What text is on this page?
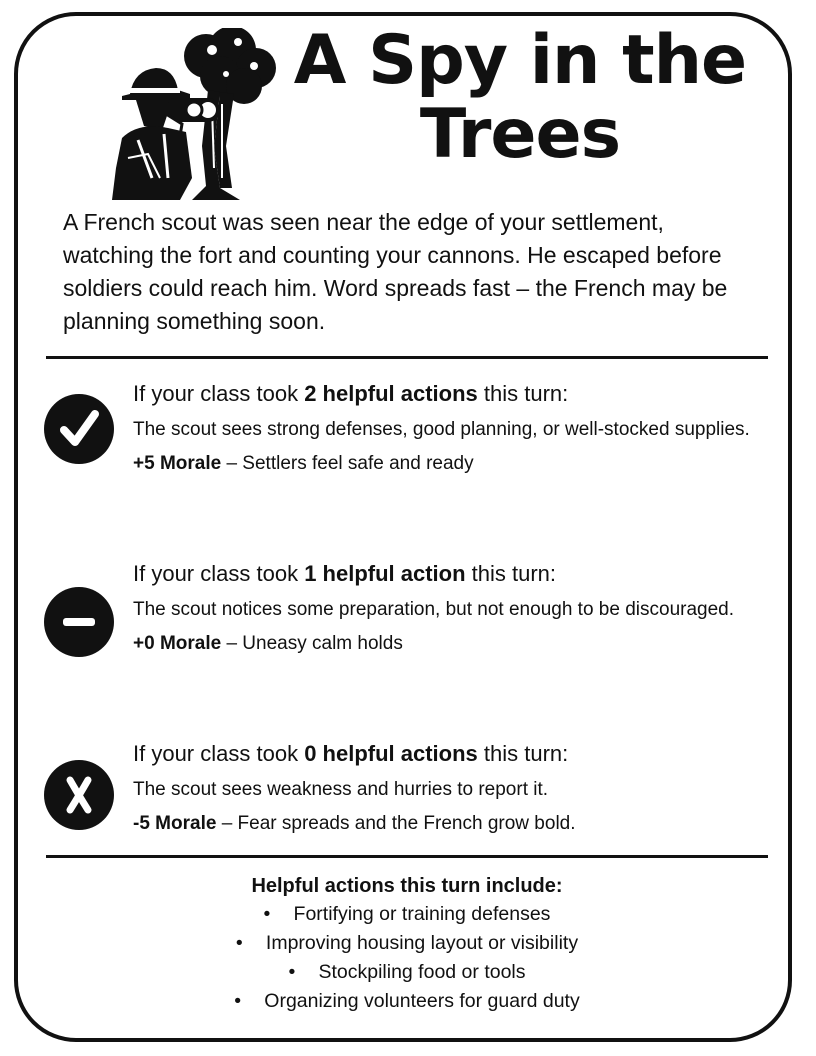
A Spy in the
Trees
A French scout was seen near the edge of your settlement, watching the fort and counting your cannons. He escaped before soldiers could reach him. Word spreads fast – the French may be planning something soon.
If your class took 2 helpful actions this turn:
The scout sees strong defenses, good planning, or well-stocked supplies.
+5 Morale – Settlers feel safe and ready
If your class took 1 helpful action this turn:
The scout notices some preparation, but not enough to be discouraged.
+0 Morale – Uneasy calm holds
If your class took 0 helpful actions this turn:
The scout sees weakness and hurries to report it.
-5 Morale – Fear spreads and the French grow bold.
Helpful actions this turn include:
• Fortifying or training defenses
• Improving housing layout or visibility
• Stockpiling food or tools
• Organizing volunteers for guard duty
